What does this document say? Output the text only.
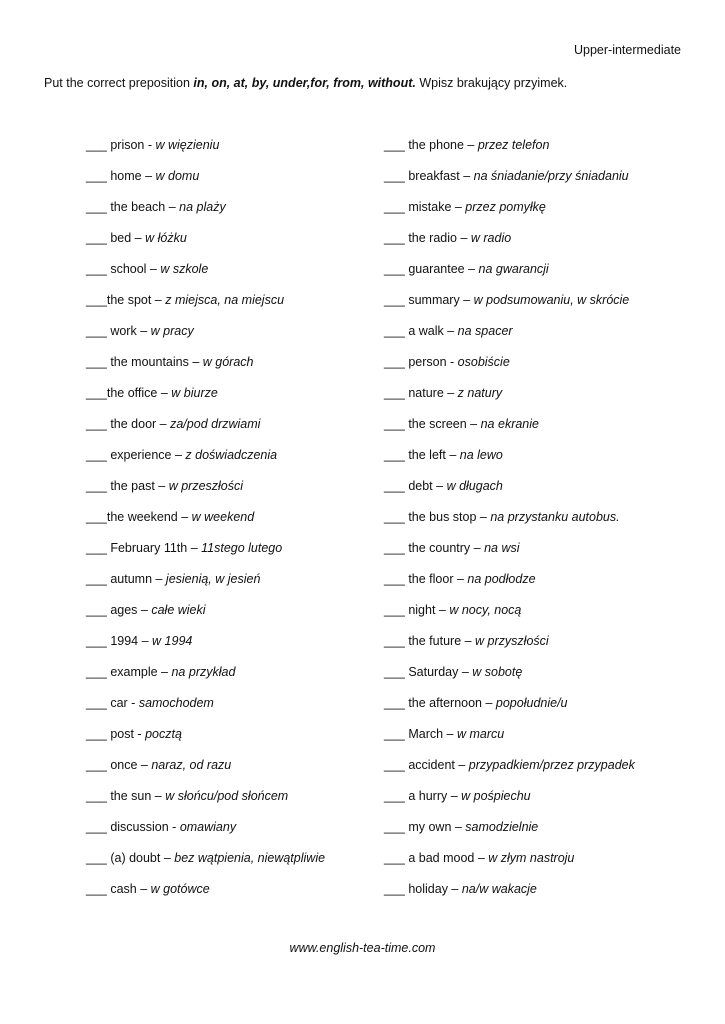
Upper-intermediate
Put the correct preposition in, on, at, by, under,for, from, without. Wpisz brakujący przyimek.
___ prison - w więzieniu
___ home – w domu
___ the beach – na plaży
___ bed – w łóżku
___ school – w szkole
___the spot – z miejsca, na miejscu
___ work – w pracy
___ the mountains – w górach
___the office – w biurze
___ the door – za/pod drzwiami
___ experience – z doświadczenia
___ the past – w przeszłości
___the weekend – w weekend
___ February 11th – 11stego lutego
___ autumn – jesienią, w jesień
___ ages – całe wieki
___ 1994 – w 1994
___ example – na przykład
___ car - samochodem
___ post - pocztą
___ once – naraz, od razu
___ the sun – w słońcu/pod słońcem
___ discussion - omawiany
___ (a) doubt – bez wątpienia, niewątpliwie
___ cash – w gotówce
___ the phone – przez telefon
___ breakfast – na śniadanie/przy śniadaniu
___ mistake – przez pomyłkę
___ the radio – w radio
___ guarantee – na gwarancji
___ summary – w podsumowaniu, w skrócie
___ a walk – na spacer
___ person - osobiście
___ nature – z natury
___ the screen – na ekranie
___ the left – na lewo
___ debt – w długach
___ the bus stop – na przystanku autobus.
___ the country – na wsi
___ the floor – na podłodze
___ night – w nocy, nocą
___ the future – w przyszłości
___ Saturday – w sobotę
___ the afternoon – popołudnie/u
___ March – w marcu
___ accident – przypadkiem/przez przypadek
___ a hurry – w pośpiechu
___ my own – samodzielnie
___ a bad mood – w złym nastroju
___ holiday – na/w wakacje
www.english-tea-time.com
